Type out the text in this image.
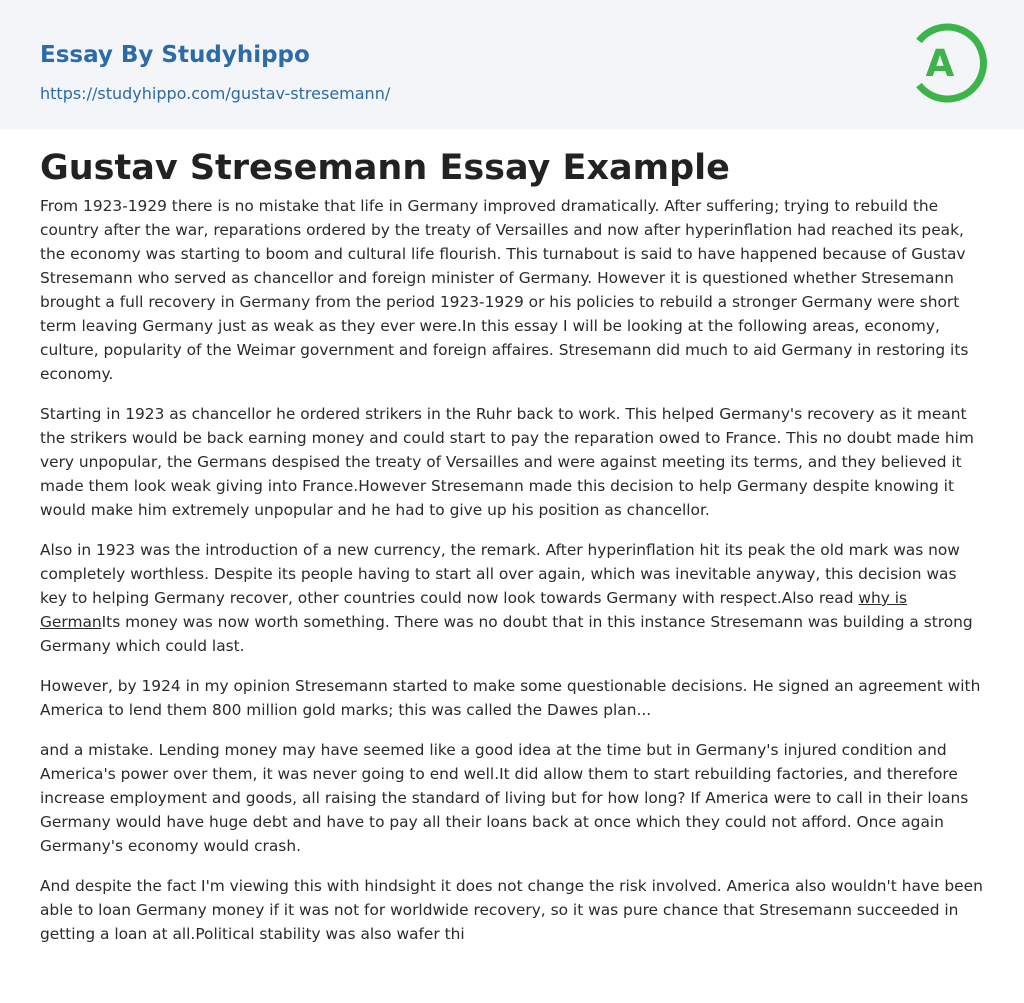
Essay By Studyhippo
https://studyhippo.com/gustav-stresemann/
A
Gustav Stresemann Essay Example

From 1923-1929 there is no mistake that life in Germany improved dramatically. After suffering; trying to rebuild the country after the war, reparations ordered by the treaty of Versailles and now after hyperinflation had reached its peak, the economy was starting to boom and cultural life flourish. This turnabout is said to have happened because of Gustav Stresemann who served as chancellor and foreign minister of Germany. However it is questioned whether Stresemann brought a full recovery in Germany from the period 1923-1929 or his policies to rebuild a stronger Germany were short term leaving Germany just as weak as they ever were.In this essay I will be looking at the following areas, economy, culture, popularity of the Weimar government and foreign affaires. Stresemann did much to aid Germany in restoring its economy.

Starting in 1923 as chancellor he ordered strikers in the Ruhr back to work. This helped Germany's recovery as it meant the strikers would be back earning money and could start to pay the reparation owed to France. This no doubt made him very unpopular, the Germans despised the treaty of Versailles and were against meeting its terms, and they believed it made them look weak giving into France.However Stresemann made this decision to help Germany despite knowing it would make him extremely unpopular and he had to give up his position as chancellor.

Also in 1923 was the introduction of a new currency, the remark. After hyperinflation hit its peak the old mark was now completely worthless. Despite its people having to start all over again, which was inevitable anyway, this decision was key to helping Germany recover, other countries could now look towards Germany with respect.Also read why is GermanIts money was now worth something. There was no doubt that in this instance Stresemann was building a strong Germany which could last.

However, by 1924 in my opinion Stresemann started to make some questionable decisions. He signed an agreement with America to lend them 800 million gold marks; this was called the Dawes plan...

and a mistake. Lending money may have seemed like a good idea at the time but in Germany's injured condition and America's power over them, it was never going to end well.It did allow them to start rebuilding factories, and therefore increase employment and goods, all raising the standard of living but for how long? If America were to call in their loans Germany would have huge debt and have to pay all their loans back at once which they could not afford. Once again Germany's economy would crash.

And despite the fact I'm viewing this with hindsight it does not change the risk involved. America also wouldn't have been able to loan Germany money if it was not for worldwide recovery, so it was pure chance that Stresemann succeeded in getting a loan at all.Political stability was also wafer thi
